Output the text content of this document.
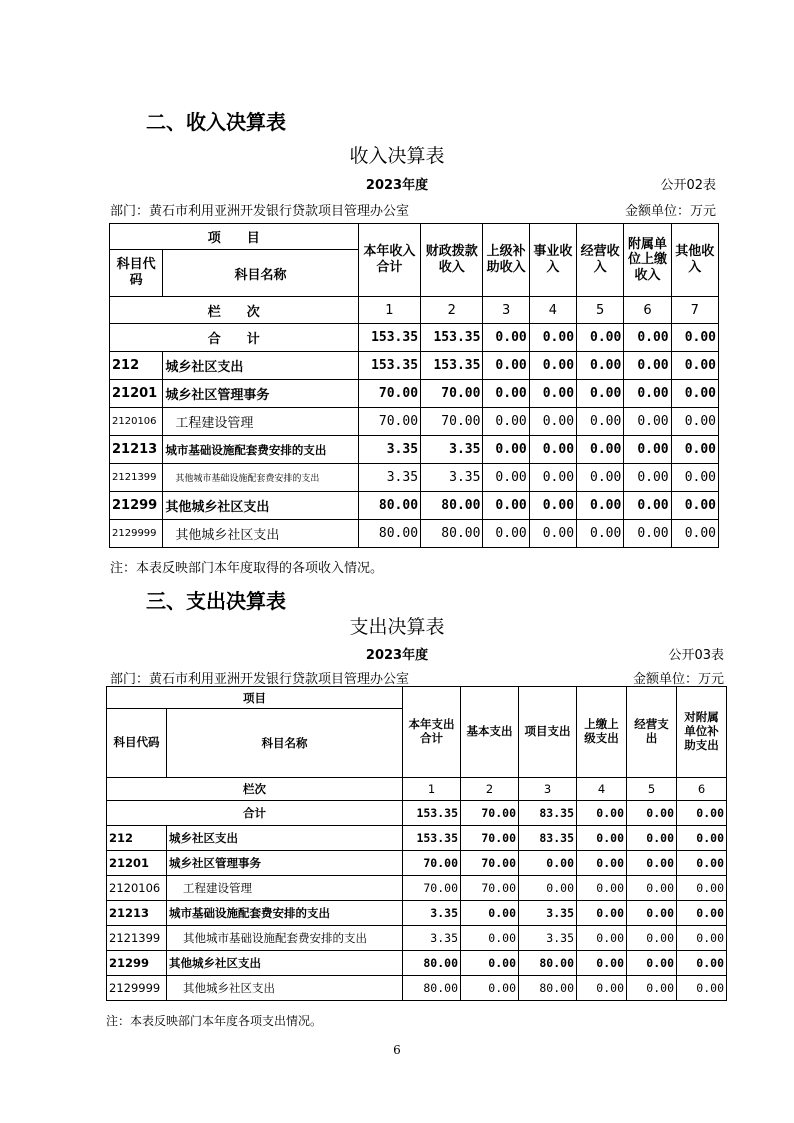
二、收入决算表
收入决算表
2023年度	公开02表
部门：黄石市利用亚洲开发银行贷款项目管理办公室	金额单位：万元
项　　目		本年收入合计	财政拨款收入	上级补助收入	事业收入	经营收入	附属单位上缴收入	其他收入
科目代码	科目名称							
栏　　次		1	2	3	4	5	6	7
合　　计		153.35	153.35	0.00	0.00	0.00	0.00	0.00
212	城乡社区支出	153.35	153.35	0.00	0.00	0.00	0.00	0.00
21201	城乡社区管理事务	70.00	70.00	0.00	0.00	0.00	0.00	0.00
2120106	工程建设管理	70.00	70.00	0.00	0.00	0.00	0.00	0.00
21213	城市基础设施配套费安排的支出	3.35	3.35	0.00	0.00	0.00	0.00	0.00
2121399	其他城市基础设施配套费安排的支出	3.35	3.35	0.00	0.00	0.00	0.00	0.00
21299	其他城乡社区支出	80.00	80.00	0.00	0.00	0.00	0.00	0.00
2129999	其他城乡社区支出	80.00	80.00	0.00	0.00	0.00	0.00	0.00
注：本表反映部门本年度取得的各项收入情况。
三、支出决算表
支出决算表
2023年度	公开03表
部门：黄石市利用亚洲开发银行贷款项目管理办公室	金额单位：万元
项目		本年支出合计	基本支出	项目支出	上缴上级支出	经营支出	对附属单位补助支出
科目代码	科目名称						
栏次		1	2	3	4	5	6
合计		153.35	70.00	83.35	0.00	0.00	0.00
212	城乡社区支出	153.35	70.00	83.35	0.00	0.00	0.00
21201	城乡社区管理事务	70.00	70.00	0.00	0.00	0.00	0.00
2120106	工程建设管理	70.00	70.00	0.00	0.00	0.00	0.00
21213	城市基础设施配套费安排的支出	3.35	0.00	3.35	0.00	0.00	0.00
2121399	其他城市基础设施配套费安排的支出	3.35	0.00	3.35	0.00	0.00	0.00
21299	其他城乡社区支出	80.00	0.00	80.00	0.00	0.00	0.00
2129999	其他城乡社区支出	80.00	0.00	80.00	0.00	0.00	0.00
注：本表反映部门本年度各项支出情况。
6
